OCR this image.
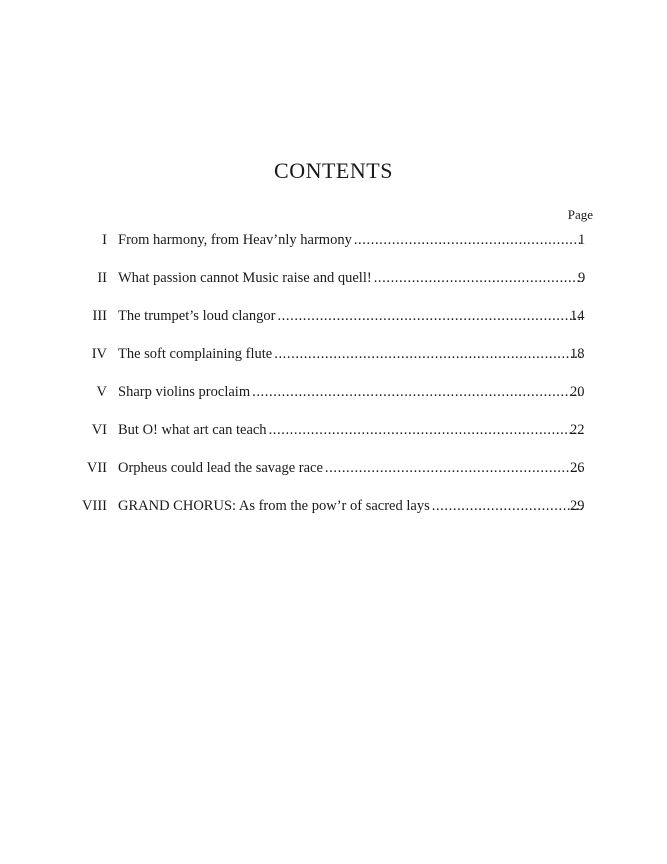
CONTENTS
Page
I From harmony, from Heav’nly harmony .....	1
II What passion cannot Music raise and quell! .....	9
III The trumpet’s loud clangor .....	14
IV The soft complaining flute .....	18
V Sharp violins proclaim .....	20
VI But O! what art can teach .....	22
VII Orpheus could lead the savage race .....	26
VIII GRAND CHORUS: As from the pow’r of sacred lays .....	29
